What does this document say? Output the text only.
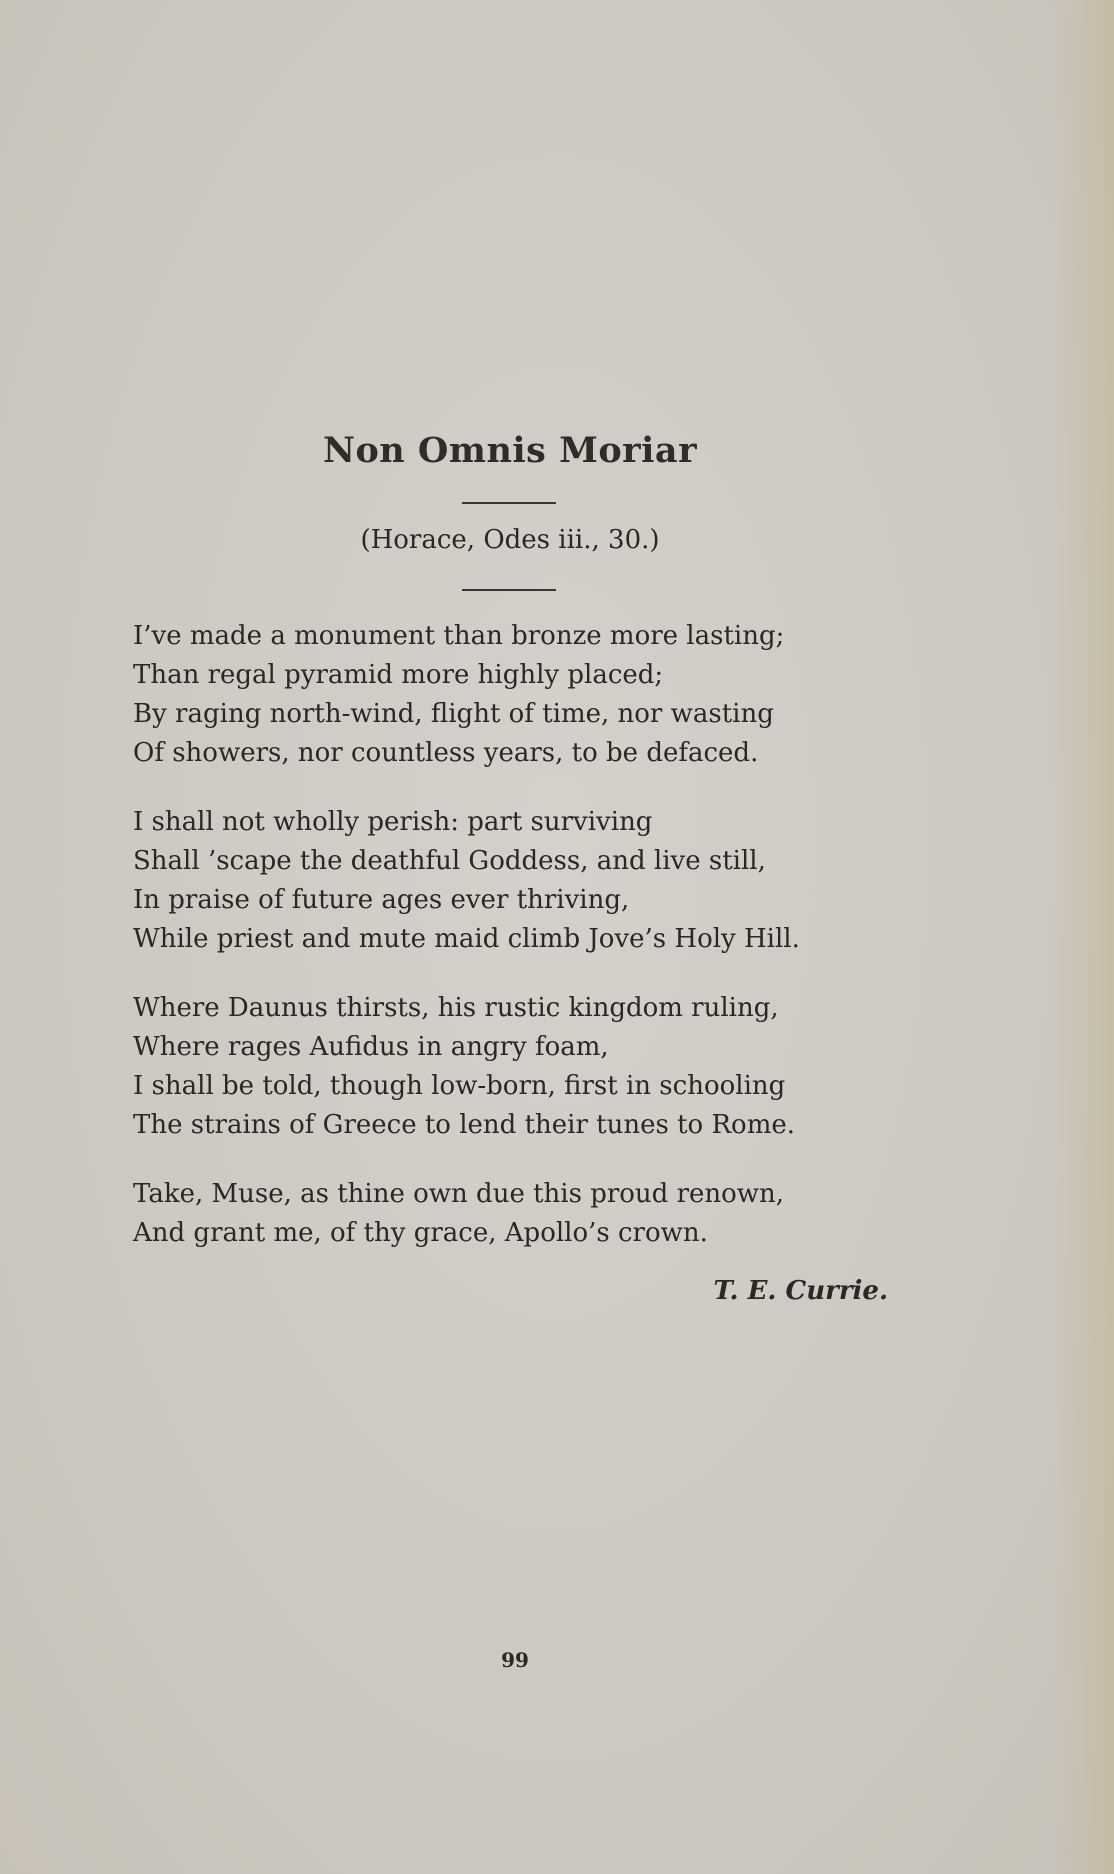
Non Omnis Moriar
(Horace, Odes iii., 30.)
I’ve made a monument than bronze more lasting;
Than regal pyramid more highly placed;
By raging north-wind, flight of time, nor wasting
Of showers, nor countless years, to be defaced.
I shall not wholly perish: part surviving
Shall ’scape the deathful Goddess, and live still,
In praise of future ages ever thriving,
While priest and mute maid climb Jove’s Holy Hill.
Where Daunus thirsts, his rustic kingdom ruling,
Where rages Aufidus in angry foam,
I shall be told, though low-born, first in schooling
The strains of Greece to lend their tunes to Rome.
Take, Muse, as thine own due this proud renown,
And grant me, of thy grace, Apollo’s crown.
T. E. Currie.
99
